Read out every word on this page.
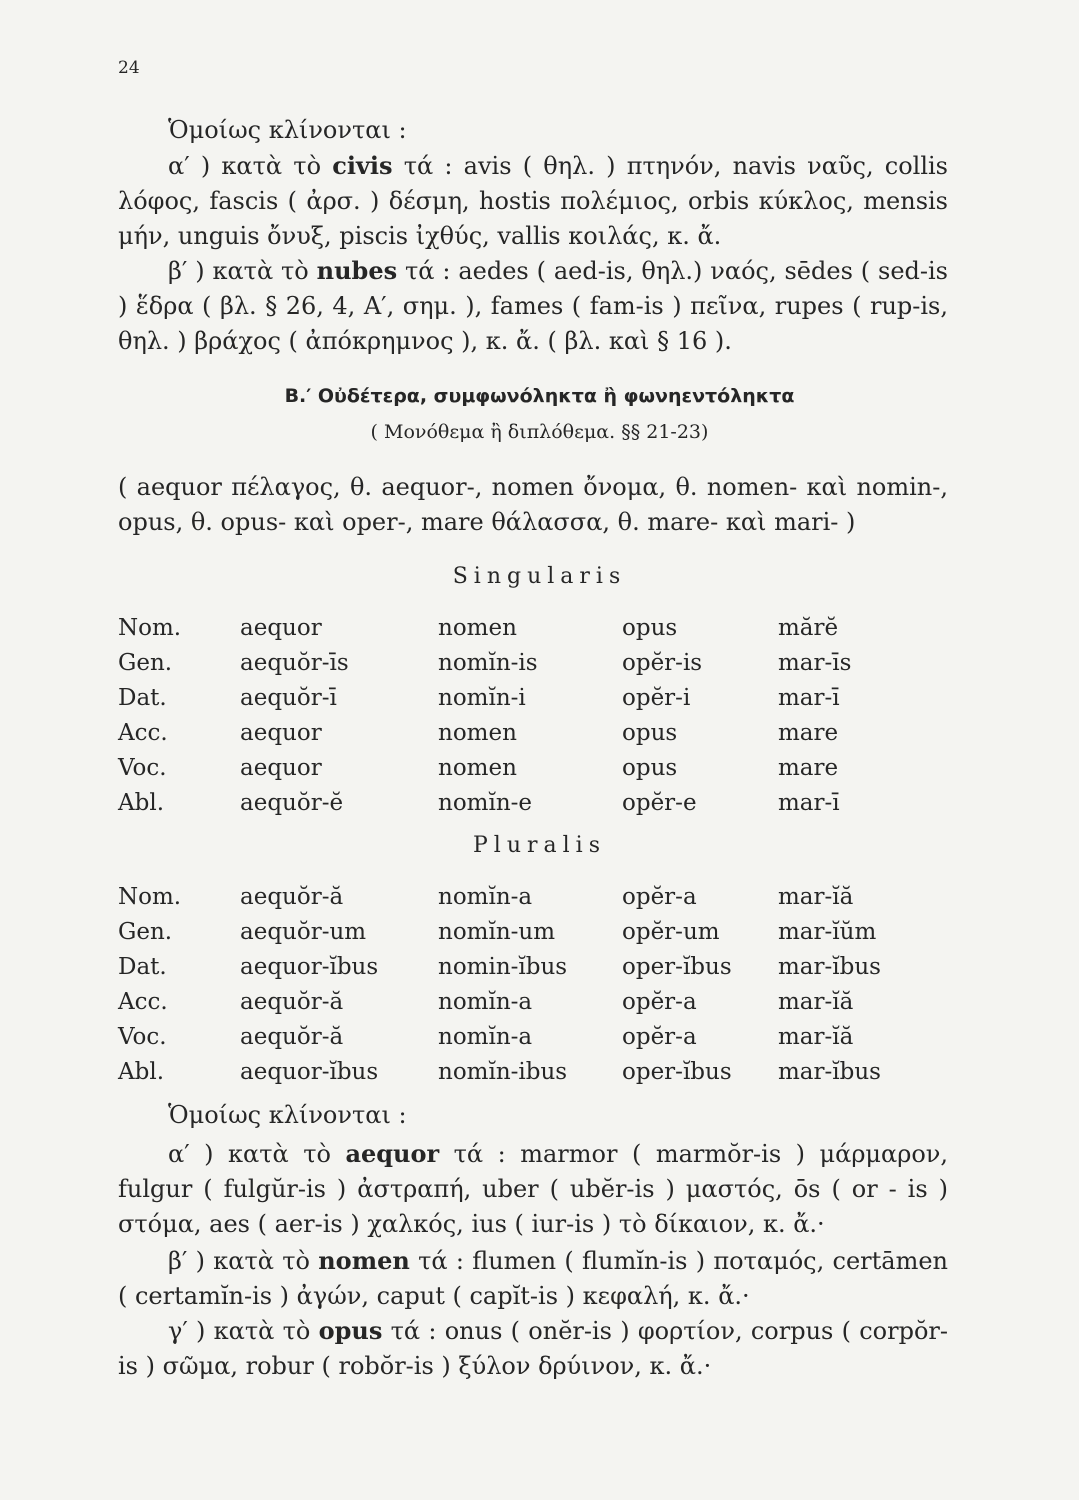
24
Ὁμοίως κλίνονται :
α′ ) κατὰ τὸ civis τά : avis ( θηλ. ) πτηνόν, navis ναῦς, collis λόφος, fascis ( ἀρσ. ) δέσμη, hostis πολέμιος, orbis κύκλος, mensis μήν, unguis ὄνυξ, piscis ἰχθύς, vallis κοιλάς, κ. ἄ.
β′ ) κατὰ τὸ nubes τά : aedes ( aed-is, θηλ.) ναός, sēdes ( sed-is ) ἕδρα ( βλ. § 26, 4, Α′, σημ. ), fames ( fam-is ) πεῖνα, rupes ( rup-is, θηλ. ) βράχος ( ἀπόκρημνος ), κ. ἄ. ( βλ. καὶ § 16 ).
Β.′ Οὐδέτερα, συμφωνόληκτα ἢ φωνηεντόληκτα
( Μονόθεμα ἢ διπλόθεμα. §§ 21-23)
( aequor πέλαγος, θ. aequor-, nomen ὄνομα, θ. nomen- καὶ nomin-, opus, θ. opus- καὶ oper-, mare θάλασσα, θ. mare- καὶ mari- )
Singularis
Nom.	aequor	nomen	opus	mărĕ
Gen.	aequŏr-īs	nomĭn-is	opĕr-is	mar-īs
Dat.	aequŏr-ī	nomĭn-i	opĕr-i	mar-ī
Acc.	aequor	nomen	opus	mare
Voc.	aequor	nomen	opus	mare
Abl.	aequŏr-ĕ	nomĭn-e	opĕr-e	mar-ī
Pluralis
Nom.	aequŏr-ă	nomĭn-a	opĕr-a	mar-ĭă
Gen.	aequŏr-um	nomĭn-um	opĕr-um	mar-ĭŭm
Dat.	aequor-ĭbus	nomin-ĭbus oper-ĭbus mar-ĭbus
Acc.	aequŏr-ă	nomĭn-a	opĕr-a	mar-ĭă
Voc.	aequŏr-ă	nomĭn-a	opĕr-a	mar-ĭă
Abl.	aequor-ĭbus	nomĭn-ibus oper-ĭbus mar-ĭbus
Ὁμοίως κλίνονται :
α′ ) κατὰ τὸ aequor τά : marmor ( marmŏr-is ) μάρμαρον, fulgur ( fulgŭr-is ) ἀστραπή, uber ( ubĕr-is ) μαστός, ōs ( or - is ) στόμα, aes ( aer-is ) χαλκός, ius ( iur-is ) τὸ δίκαιον, κ. ἄ.·
β′ ) κατὰ τὸ nomen τά : flumen ( flumĭn-is ) ποταμός, certāmen ( certamĭn-is ) ἀγών, caput ( capĭt-is ) κεφαλή, κ. ἄ.·
γ′ ) κατὰ τὸ opus τά : onus ( onĕr-is ) φορτίον, corpus ( corpŏr-is ) σῶμα, robur ( robŏr-is ) ξύλον δρύινον, κ. ἄ.·
